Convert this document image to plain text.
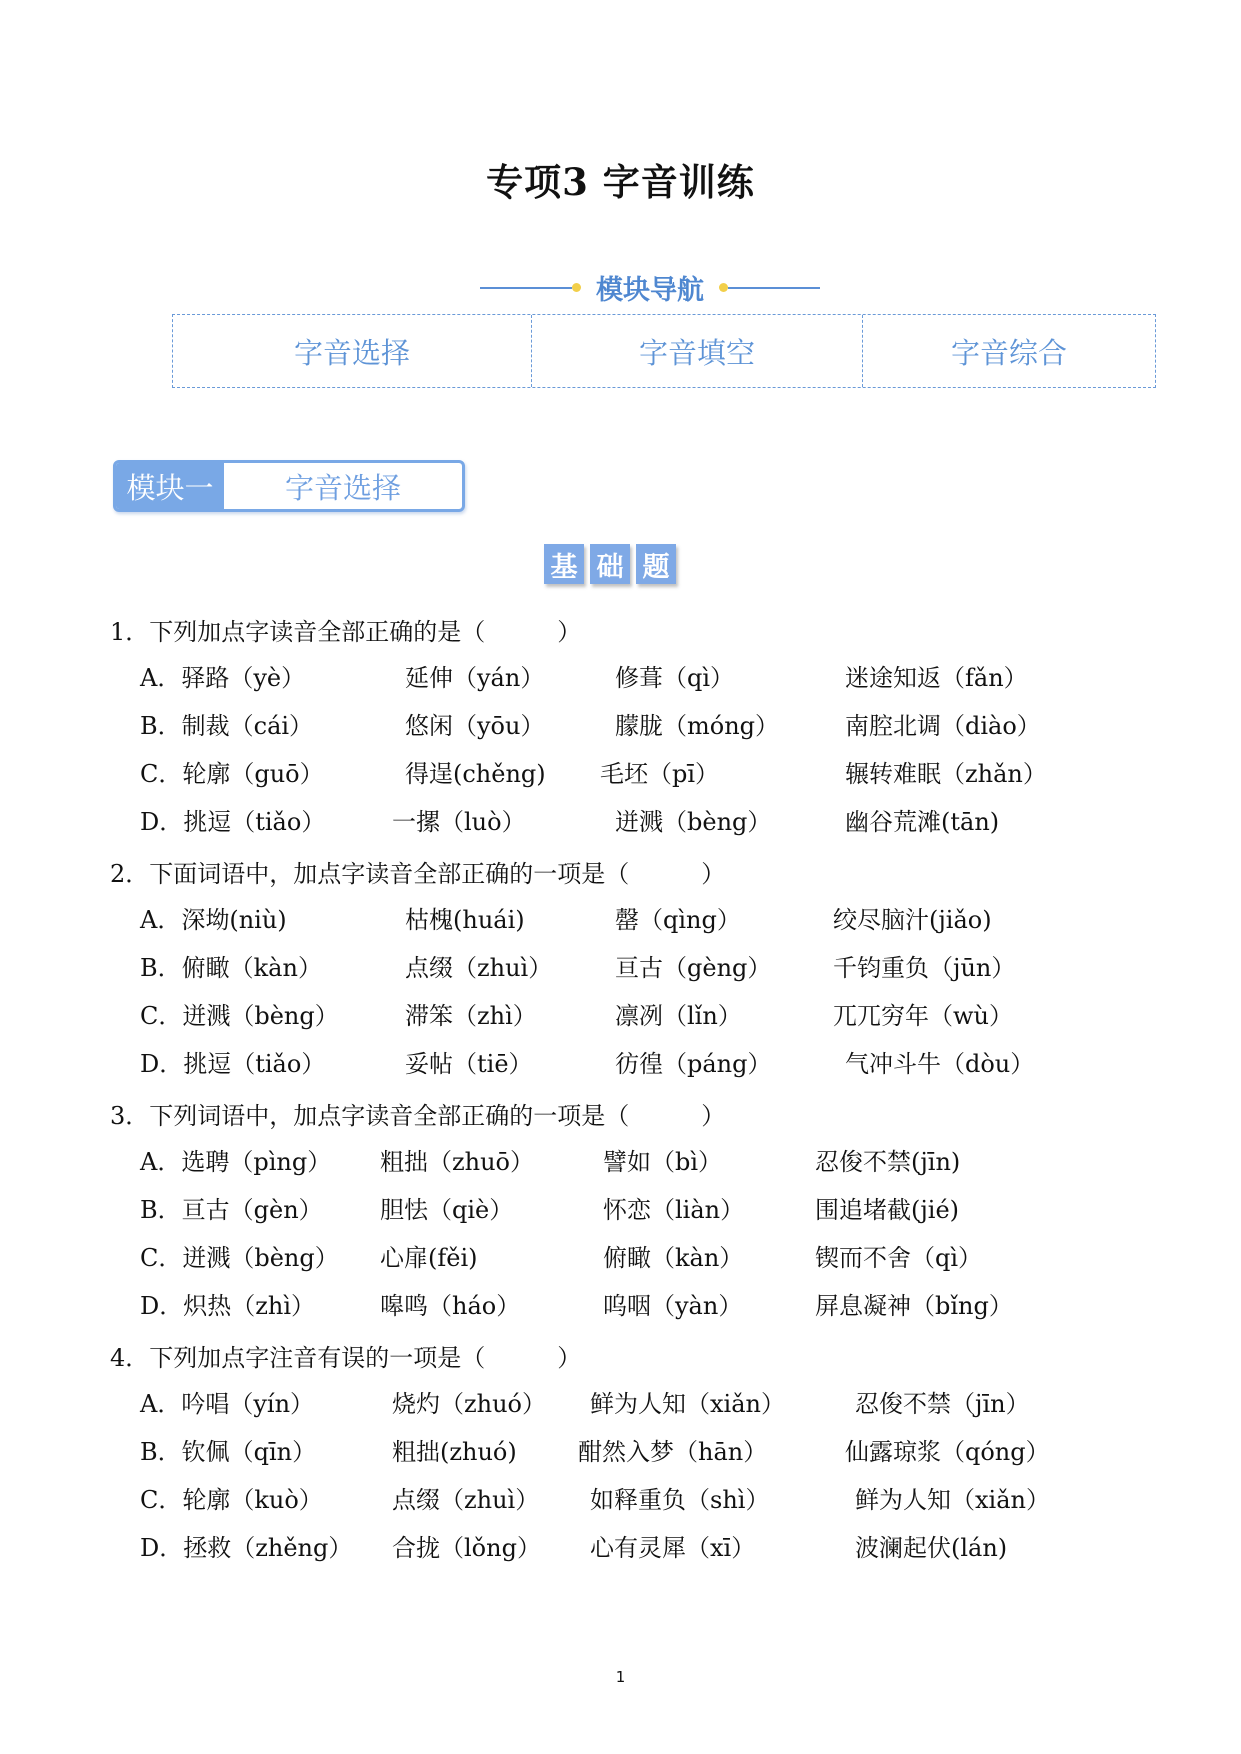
专项3 字音训练
模块导航
字音选择	字音填空	字音综合
模块一	字音选择
基 础 题
1．下列加点字读音全部正确的是（　　　）
A．驿路（yè）	延伸（yán）	修葺（qì）	迷途知返（fǎn）
B．制裁（cái）	悠闲（yōu）	朦胧（móng）	南腔北调（diào）
C．轮廓（guō）	得逞(chěng) 毛坯（pī）	辗转难眠（zhǎn）
D．挑逗（tiǎo）	一摞（luò）	迸溅（bèng）	幽谷荒滩(tān)
2．下面词语中，加点字读音全部正确的一项是（　　　）
A．深坳(niù)	枯槐(huái)	罄（qìng）	绞尽脑汁(jiǎo)
B．俯瞰（kàn）	点缀（zhuì）	亘古（gèng）	千钧重负（jūn）
C．迸溅（bèng）	滞笨（zhì）	凛冽（lǐn）	兀兀穷年（wù）
D．挑逗（tiǎo）	妥帖（tiē）	彷徨（páng）	气冲斗牛（dòu）
3．下列词语中，加点字读音全部正确的一项是（　　　）
A．选聘（pìng） 粗拙（zhuō）	譬如（bì）	忍俊不禁(jīn)
B．亘古（gèn） 胆怯（qiè）	怀恋（liàn）	围追堵截(jié)
C．迸溅（bèng） 心扉(fěi)	俯瞰（kàn）	锲而不舍（qì）
D．炽热（zhì）	嗥鸣（háo）	呜咽（yàn）	屏息凝神（bǐng）
4．下列加点字注音有误的一项是（　　　）
A．吟唱（yín）	烧灼（zhuó） 鲜为人知（xiǎn）	忍俊不禁（jīn）
B．钦佩（qīn）	粗拙(zhuó)	酣然入梦（hān）	仙露琼浆（qóng）
C．轮廓（kuò）	点缀（zhuì） 如释重负（shì）	鲜为人知（xiǎn）
D．拯救（zhěng） 合拢（lǒng） 心有灵犀（xī）	波澜起伏(lán)
1
